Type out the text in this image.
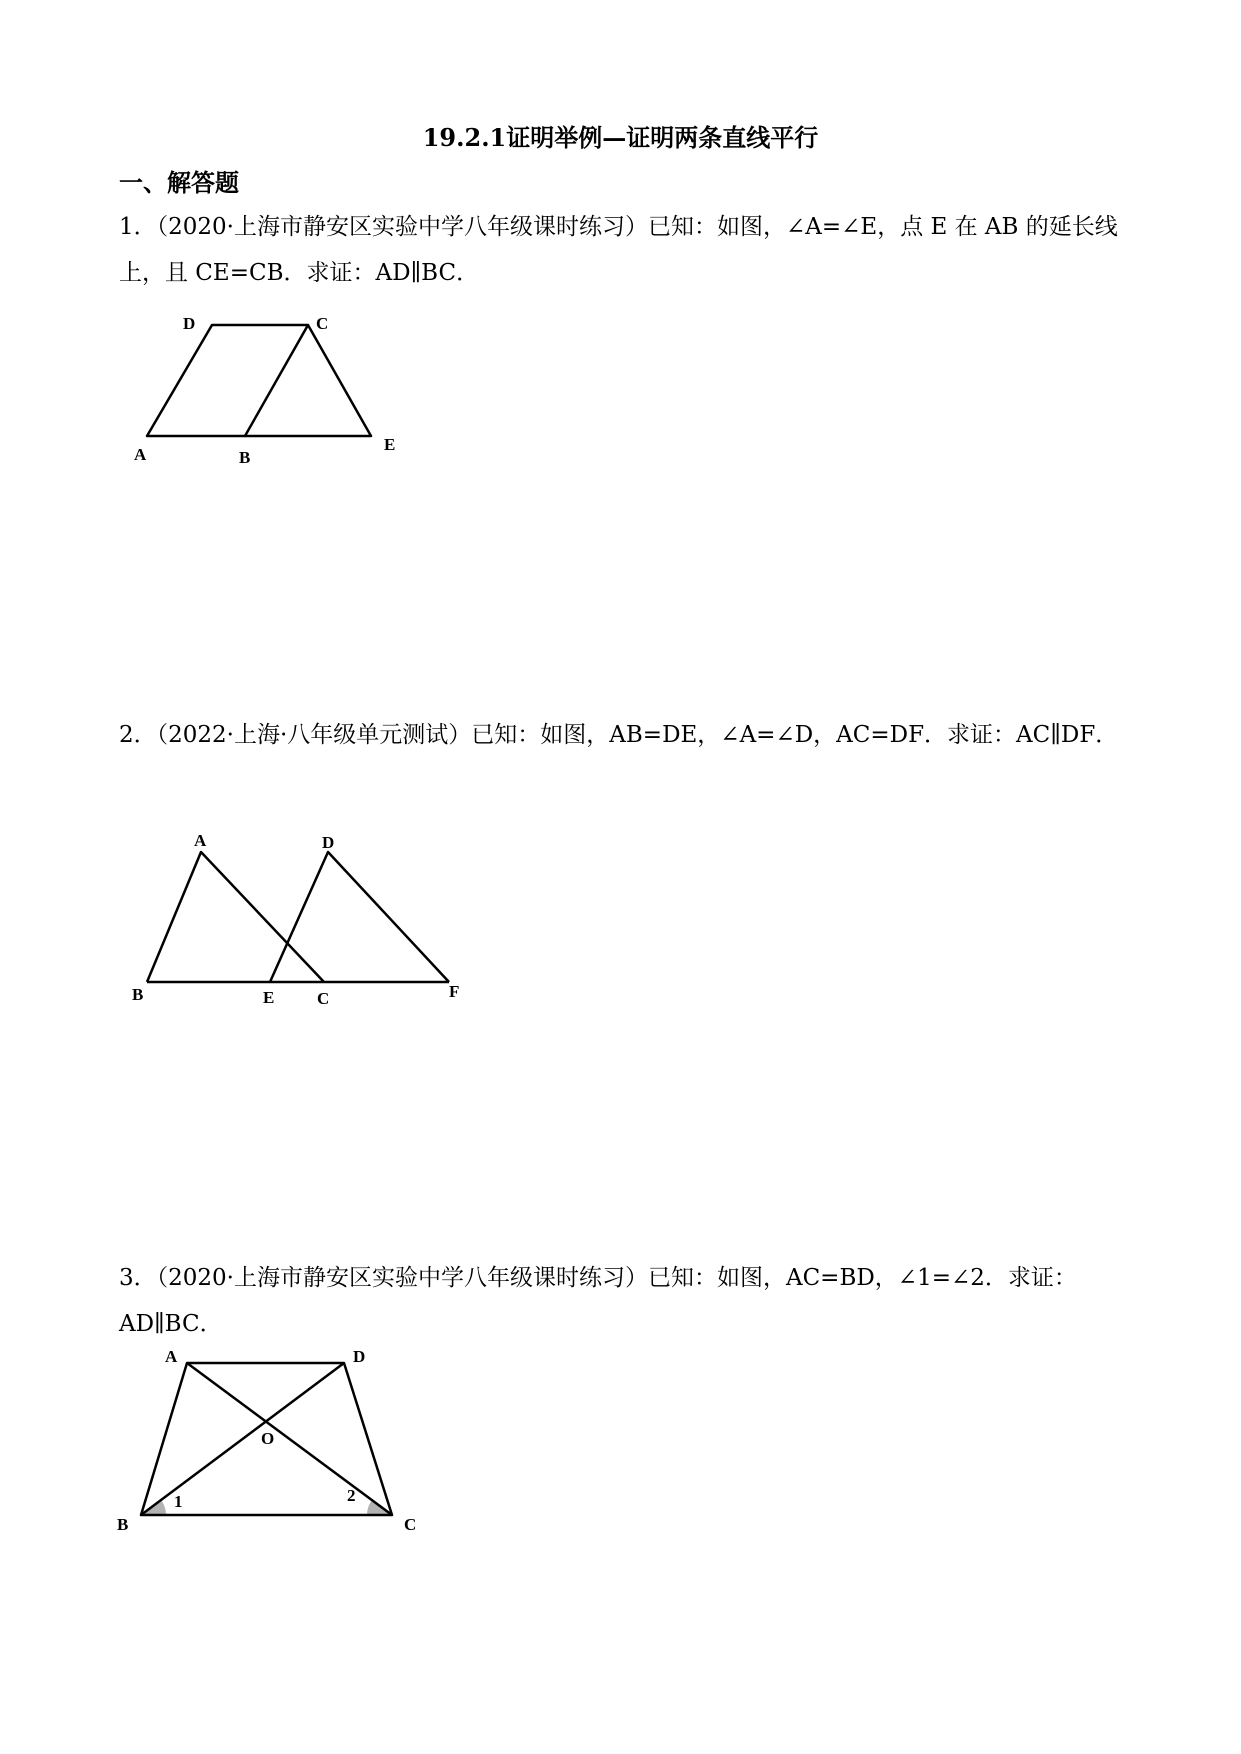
19.2.1证明举例—证明两条直线平行
一、解答题

1．（2020·上海市静安区实验中学八年级课时练习）已知：如图，∠A=∠E，点 E 在 AB 的延长线上，且 CE=CB．求证：AD∥BC．

D	C
A	B
E

2．（2022·上海·八年级单元测试）已知：如图，AB=DE，∠A=∠D，AC=DF．求证：AC∥DF．

A	D
B	E	C	F

3．（2020·上海市静安区实验中学八年级课时练习）已知：如图，AC=BD，∠1=∠2．求证：AD∥BC．

A	D
O
B	C
1	2
